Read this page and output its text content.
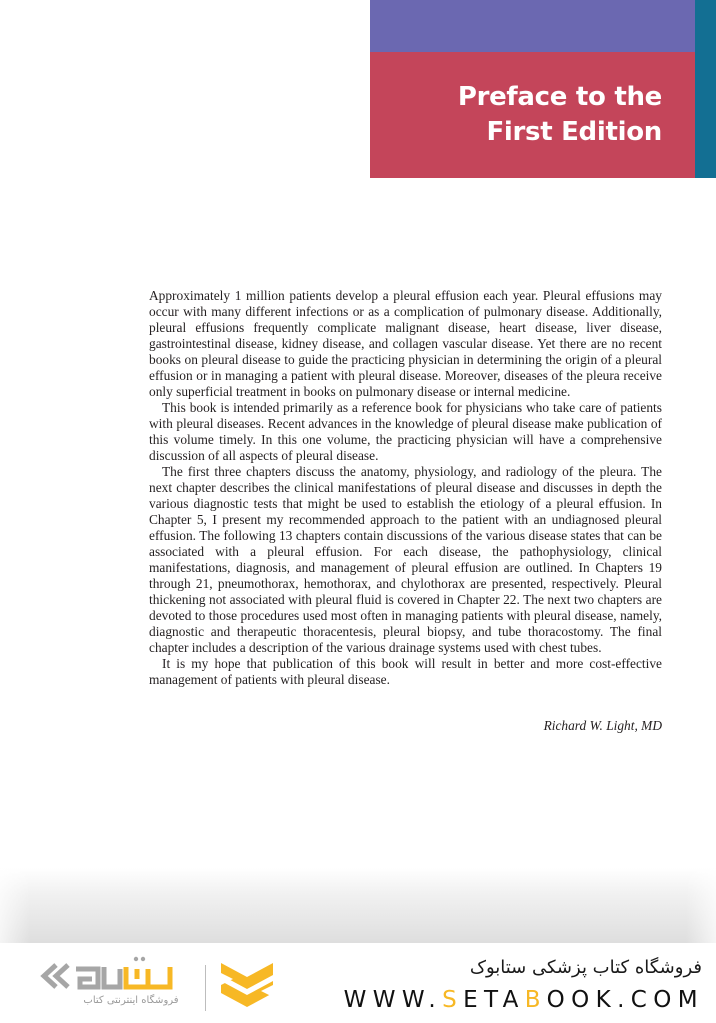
Preface to the
First Edition

Approximately 1 million patients develop a pleural effusion each year. Pleural effusions may occur with many different infections or as a complication of pulmonary disease. Additionally, pleural effusions frequently complicate malignant disease, heart disease, liver disease, gastrointestinal disease, kidney disease, and collagen vascular disease. Yet there are no recent books on pleural disease to guide the practicing physician in determining the origin of a pleural effusion or in managing a patient with pleural disease. Moreover, diseases of the pleura receive only superficial treatment in books on pulmonary disease or internal medicine.

This book is intended primarily as a reference book for physicians who take care of patients with pleural diseases. Recent advances in the knowledge of pleural disease make publication of this volume timely. In this one volume, the practicing physician will have a comprehensive discussion of all aspects of pleural disease.

The first three chapters discuss the anatomy, physiology, and radiology of the pleura. The next chapter describes the clinical manifestations of pleural disease and discusses in depth the various diagnostic tests that might be used to establish the etiology of a pleural effusion. In Chapter 5, I present my recommended approach to the patient with an undiagnosed pleural effusion. The following 13 chapters contain discussions of the various disease states that can be associated with a pleural effusion. For each disease, the pathophysiology, clinical manifestations, diagnosis, and management of pleural effusion are outlined. In Chapters 19 through 21, pneumothorax, hemothorax, and chylothorax are presented, respectively. Pleural thickening not associated with pleural fluid is covered in Chapter 22. The next two chapters are devoted to those procedures used most often in managing patients with pleural disease, namely, diagnostic and therapeutic thoracentesis, pleural biopsy, and tube thoracostomy. The final chapter includes a description of the various drainage systems used with chest tubes.

It is my hope that publication of this book will result in better and more cost-effective management of patients with pleural disease.

Richard W. Light, MD
فروشگاه اینترنتی کتاب
فروشگاه کتاب پزشکی ستابوک
WWW.SETABOOK.COM
